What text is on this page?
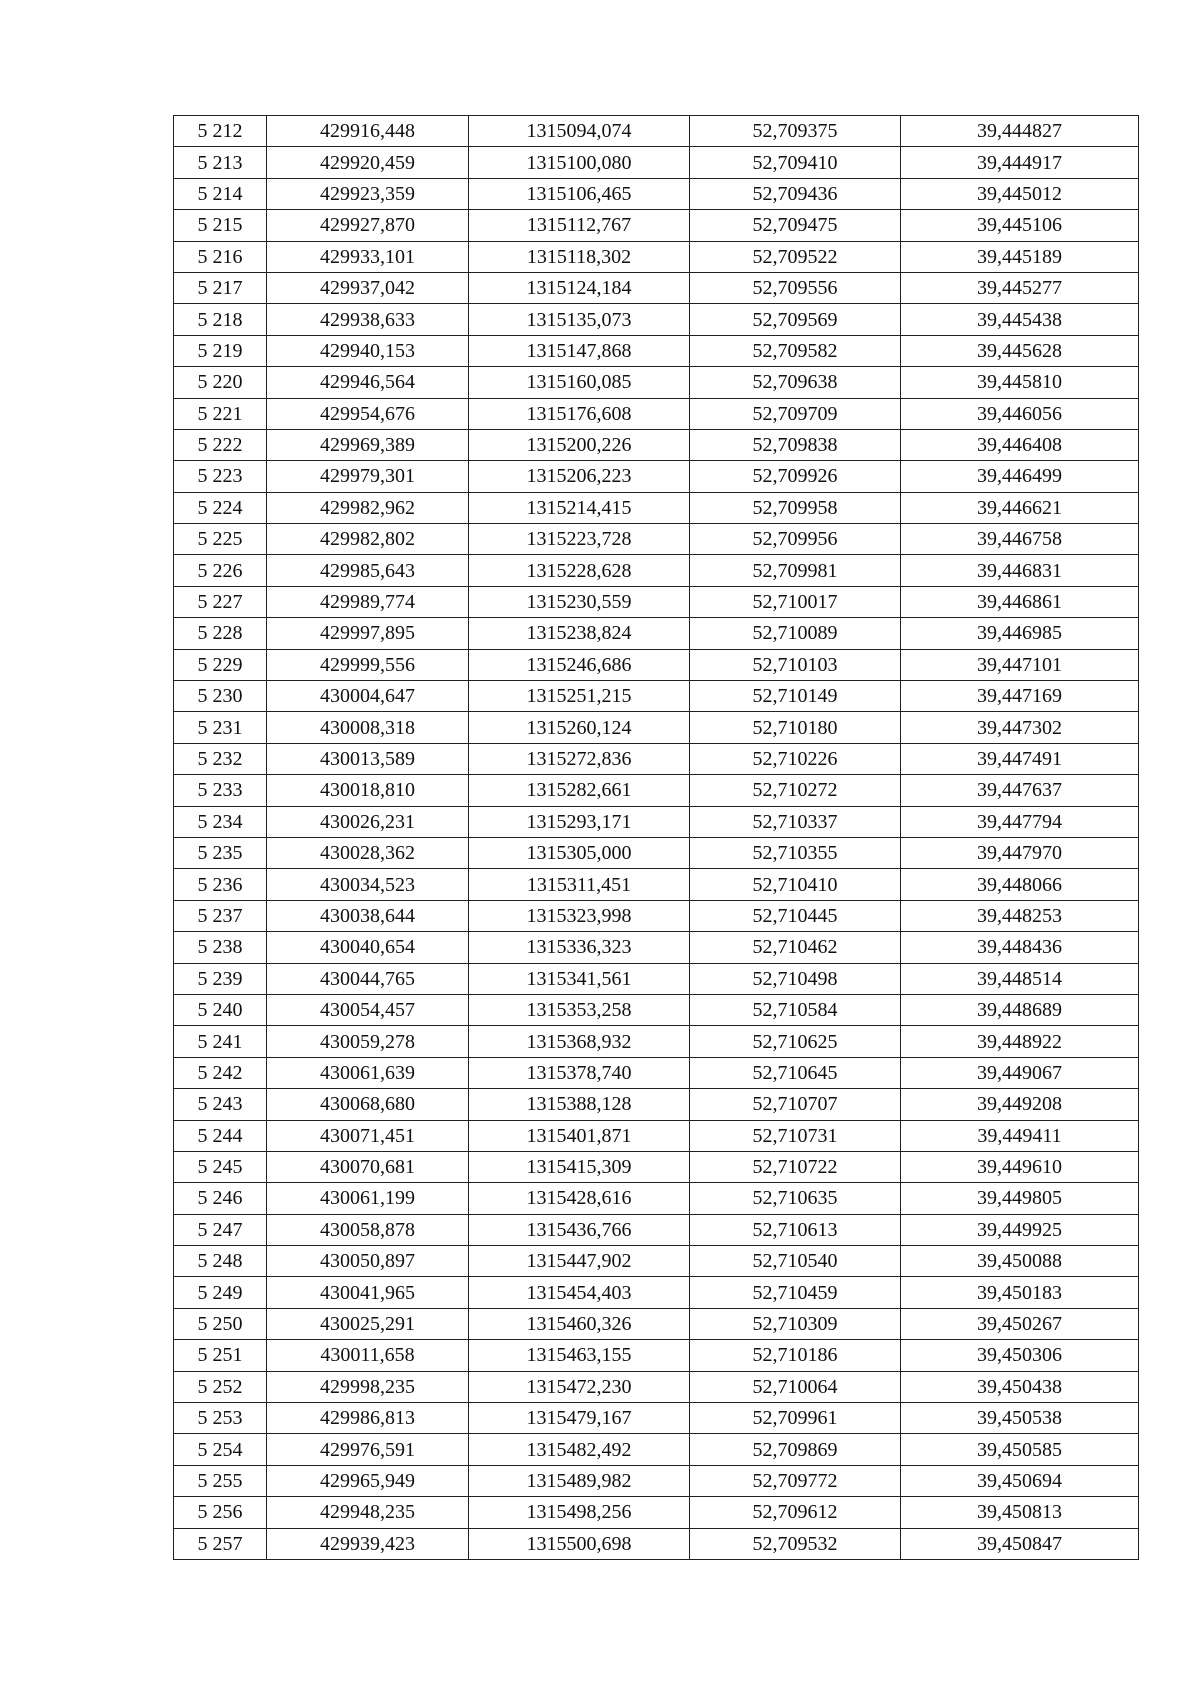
5 212	429916,448	1315094,074	52,709375	39,444827
5 213	429920,459	1315100,080	52,709410	39,444917
5 214	429923,359	1315106,465	52,709436	39,445012
5 215	429927,870	1315112,767	52,709475	39,445106
5 216	429933,101	1315118,302	52,709522	39,445189
5 217	429937,042	1315124,184	52,709556	39,445277
5 218	429938,633	1315135,073	52,709569	39,445438
5 219	429940,153	1315147,868	52,709582	39,445628
5 220	429946,564	1315160,085	52,709638	39,445810
5 221	429954,676	1315176,608	52,709709	39,446056
5 222	429969,389	1315200,226	52,709838	39,446408
5 223	429979,301	1315206,223	52,709926	39,446499
5 224	429982,962	1315214,415	52,709958	39,446621
5 225	429982,802	1315223,728	52,709956	39,446758
5 226	429985,643	1315228,628	52,709981	39,446831
5 227	429989,774	1315230,559	52,710017	39,446861
5 228	429997,895	1315238,824	52,710089	39,446985
5 229	429999,556	1315246,686	52,710103	39,447101
5 230	430004,647	1315251,215	52,710149	39,447169
5 231	430008,318	1315260,124	52,710180	39,447302
5 232	430013,589	1315272,836	52,710226	39,447491
5 233	430018,810	1315282,661	52,710272	39,447637
5 234	430026,231	1315293,171	52,710337	39,447794
5 235	430028,362	1315305,000	52,710355	39,447970
5 236	430034,523	1315311,451	52,710410	39,448066
5 237	430038,644	1315323,998	52,710445	39,448253
5 238	430040,654	1315336,323	52,710462	39,448436
5 239	430044,765	1315341,561	52,710498	39,448514
5 240	430054,457	1315353,258	52,710584	39,448689
5 241	430059,278	1315368,932	52,710625	39,448922
5 242	430061,639	1315378,740	52,710645	39,449067
5 243	430068,680	1315388,128	52,710707	39,449208
5 244	430071,451	1315401,871	52,710731	39,449411
5 245	430070,681	1315415,309	52,710722	39,449610
5 246	430061,199	1315428,616	52,710635	39,449805
5 247	430058,878	1315436,766	52,710613	39,449925
5 248	430050,897	1315447,902	52,710540	39,450088
5 249	430041,965	1315454,403	52,710459	39,450183
5 250	430025,291	1315460,326	52,710309	39,450267
5 251	430011,658	1315463,155	52,710186	39,450306
5 252	429998,235	1315472,230	52,710064	39,450438
5 253	429986,813	1315479,167	52,709961	39,450538
5 254	429976,591	1315482,492	52,709869	39,450585
5 255	429965,949	1315489,982	52,709772	39,450694
5 256	429948,235	1315498,256	52,709612	39,450813
5 257	429939,423	1315500,698	52,709532	39,450847
